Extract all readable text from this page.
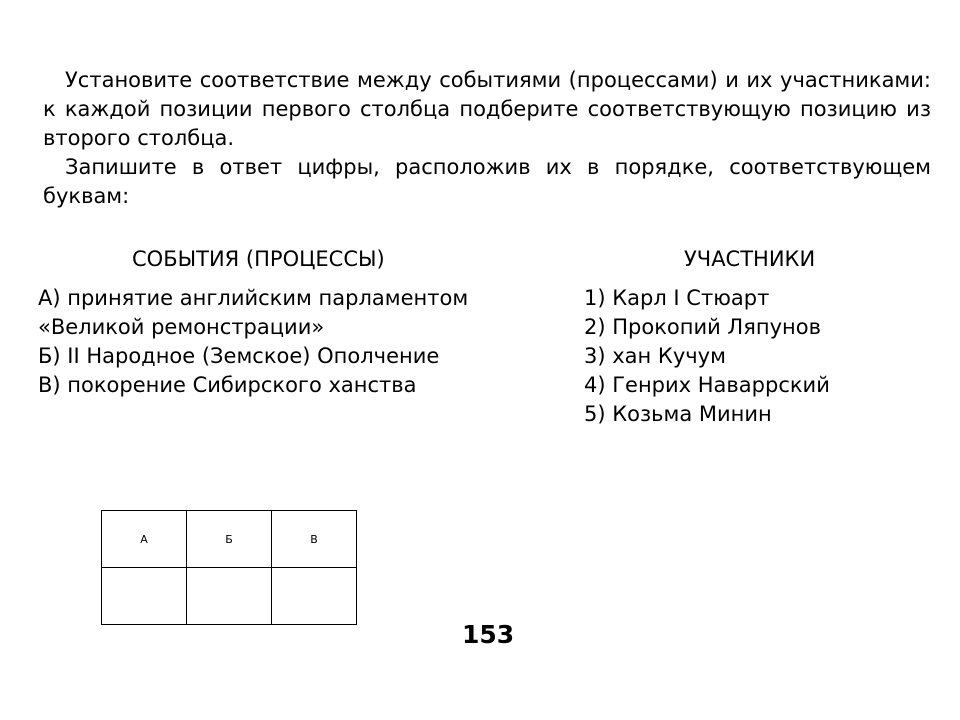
Установите соответствие между событиями (процессами) и их участниками: к каждой позиции первого столбца подберите соответствующую позицию из второго столбца.

Запишите в ответ цифры, расположив их в порядке, соответствующем буквам:

СОБЫТИЯ (ПРОЦЕССЫ)	УЧАСТНИКИ
А) принятие английским парламентом
«Великой ремонстрации»
Б) II Народное (Земское) Ополчение
В) покорение Сибирского ханства
1) Карл I Стюарт
2) Прокопий Ляпунов
3) хан Кучум
4) Генрих Наваррский
5) Козьма Минин
А	Б	В

153
